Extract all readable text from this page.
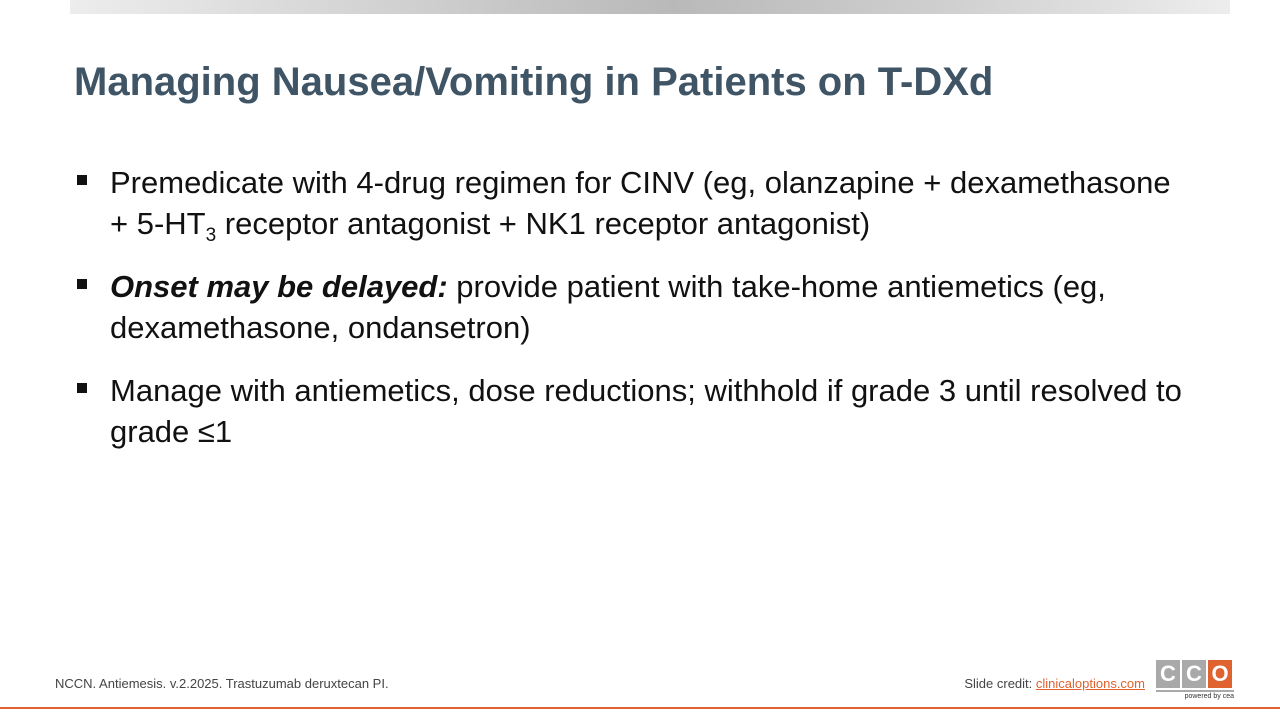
Managing Nausea/Vomiting in Patients on T-DXd
Premedicate with 4-drug regimen for CINV (eg, olanzapine + dexamethasone + $5-HT_3$ receptor antagonist + NK1 receptor antagonist)
Onset may be delayed: provide patient with take-home antiemetics (eg, dexamethasone, ondansetron)
Manage with antiemetics, dose reductions; withhold if grade 3 until resolved to grade ≤1
NCCN. Antiemesis. v.2.2025. Trastuzumab deruxtecan PI.	Slide credit: clinicaloptions.com C C O
powered by cea
